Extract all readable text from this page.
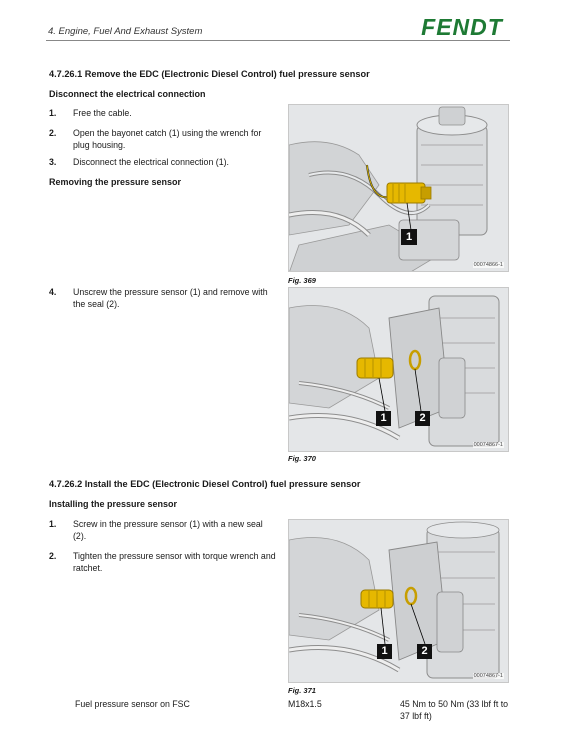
4. Engine, Fuel And Exhaust System	FENDT
4.7.26.1 Remove the EDC (Electronic Diesel Control) fuel pressure sensor
Disconnect the electrical connection
1. Free the cable.
2. Open the bayonet catch (1) using the wrench for plug housing.
3. Disconnect the electrical connection (1).
Removing the pressure sensor
4. Unscrew the pressure sensor (1) and remove with the seal (2).
1
00074866-1
Fig. 369
1	2
00074867-1
Fig. 370
4.7.26.2 Install the EDC (Electronic Diesel Control) fuel pressure sensor
Installing the pressure sensor
1. Screw in the pressure sensor (1) with a new seal (2).
2. Tighten the pressure sensor with torque wrench and ratchet.
1	2
00074867-1
Fig. 371
Fuel pressure sensor on FSC	M18x1.5	45 Nm to 50 Nm (33 lbf ft to 37 lbf ft)
